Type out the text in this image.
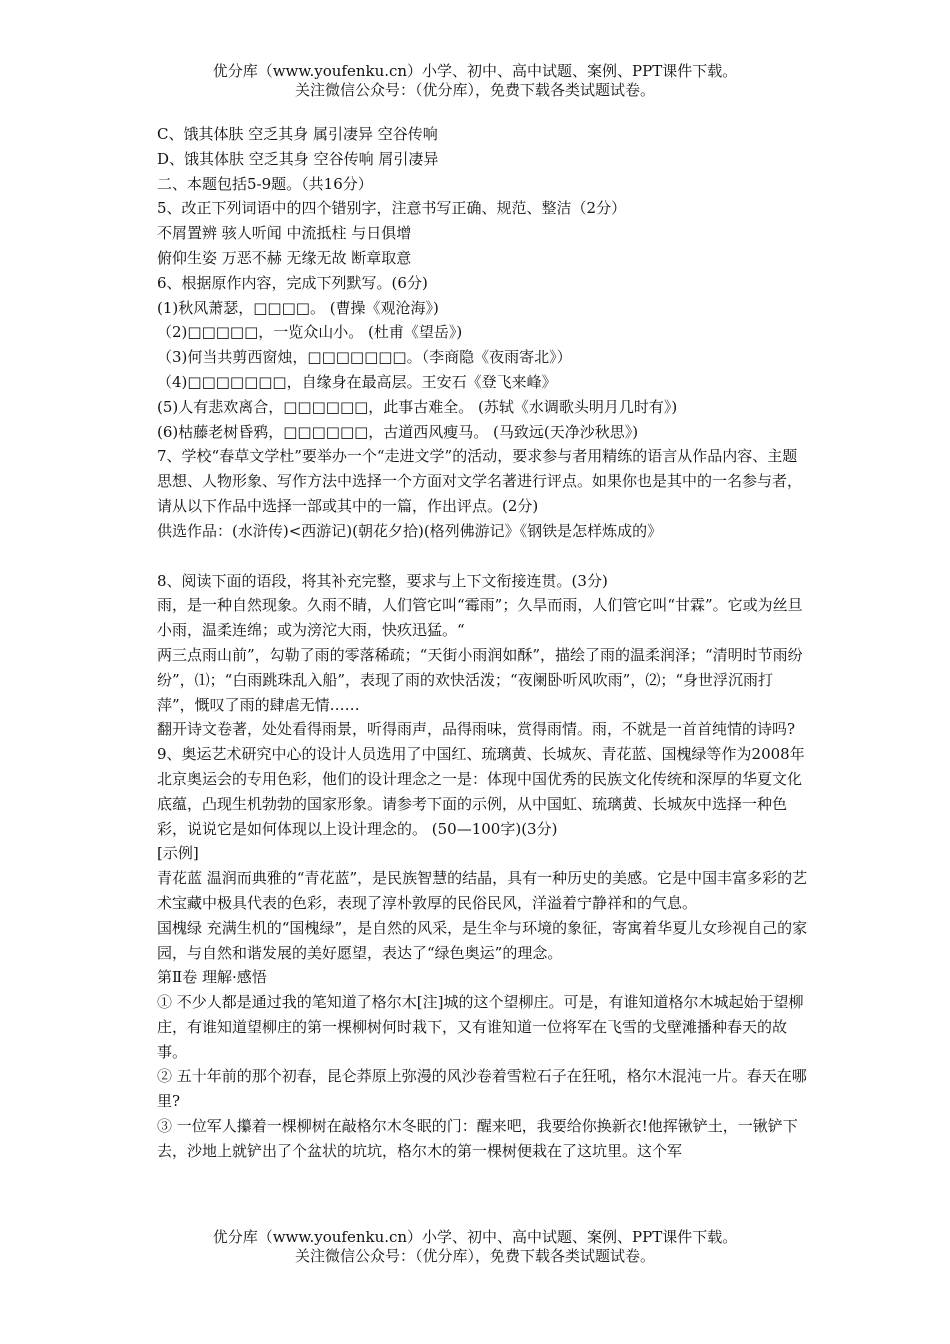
优分库（www.youfenku.cn）小学、初中、高中试题、案例、PPT课件下载。
关注微信公众号：（优分库），免费下载各类试题试卷。

C、饿其体肤 空乏其身 属引凄异 空谷传响

D、饿其体肤 空乏其身 空谷传响 屑引凄异

二、本题包括5-9题。（共16分）

5、改正下列词语中的四个错别字，注意书写正确、规范、整洁（2分）

不屑置辨 骇人听闻 中流抵柱 与日俱增

俯仰生姿 万恶不赫 无缘无故 断章取意

6、根据原作内容，完成下列默写。(6分)

(1)秋风萧瑟，□□□□。 (曹操《观沧海》)

（2)□□□□□，一览众山小。 (杜甫《望岳》)

（3)何当共剪西窗烛，□□□□□□□。（李商隐《夜雨寄北》）

（4)□□□□□□□，自缘身在最高层。王安石《登飞来峰》

(5)人有悲欢离合，□□□□□□，此事古难全。 (苏轼《水调歌头明月几时有》)

(6)枯藤老树昏鸦，□□□□□□，古道西风瘦马。 (马致远(天净沙秋思》)

7、学校“春草文学杜”要举办一个“走进文学”的活动，要求参与者用精练的语言从作品内容、主题思想、人物形象、写作方法中选择一个方面对文学名著进行评点。如果你也是其中的一名参与者，请从以下作品中选择一部或其中的一篇，作出评点。(2分)

供选作品：(水浒传)<西游记)(朝花夕拾)(格列佛游记》《钢铁是怎样炼成的》

8、阅读下面的语段，将其补充完整，要求与上下文衔接连贯。(3分)

雨，是一种自然现象。久雨不睛，人们管它叫“霉雨”；久旱而雨，人们管它叫“甘霖”。它或为丝旦小雨，温柔连绵；或为滂沱大雨，快疚迅猛。“

两三点雨山前”，勾勒了雨的零落稀疏；“天街小雨润如酥”，描绘了雨的温柔润泽；“清明时节雨纷纷”，⑴；“白雨跳珠乱入船”，表现了雨的欢快活泼；“夜阑卧听风吹雨”，⑵；“身世浮沉雨打萍”，慨叹了雨的肆虐无情……

翻开诗文卷著，处处看得雨景，听得雨声，品得雨味，赏得雨情。雨，不就是一首首纯情的诗吗?

9、奥运艺术研究中心的设计人员选用了中国红、琉璃黄、长城灰、青花蓝、国槐绿等作为2008年北京奥运会的专用色彩，他们的设计理念之一是：体现中国优秀的民族文化传统和深厚的华夏文化底蕴，凸现生机勃勃的国家形象。请参考下面的示例，从中国虹、琉璃黄、长城灰中选择一种色彩，说说它是如何体现以上设计理念的。 (50—100字)(3分)

[示例]

青花蓝 温润而典雅的“青花蓝”，是民族智慧的结晶，具有一种历史的美感。它是中国丰富多彩的艺术宝藏中极具代表的色彩，表现了淳朴敦厚的民俗民风，洋溢着宁静祥和的气息。

国槐绿 充满生机的“国槐绿”，是自然的风采，是生伞与环境的象征，寄寓着华夏儿女珍视自己的家园，与自然和谐发展的美好愿望，表达了“绿色奥运”的理念。

第Ⅱ卷 理解·感悟

① 不少人都是通过我的笔知道了格尔木[注]城的这个望柳庄。可是，有谁知道格尔木城起始于望柳庄，有谁知道望柳庄的第一棵柳树何时栽下，又有谁知道一位将军在飞雪的戈壁滩播种春天的故事。

② 五十年前的那个初春，昆仑莽原上弥漫的风沙卷着雪粒石子在狂吼，格尔木混沌一片。春天在哪里?

③ 一位军人攥着一棵柳树在敲格尔木冬眠的门：醒来吧，我要给你换新衣!他挥锹铲土，一锹铲下去，沙地上就铲出了个盆状的坑坑，格尔木的第一棵树便栽在了这坑里。这个军

优分库（www.youfenku.cn）小学、初中、高中试题、案例、PPT课件下载。
关注微信公众号：（优分库），免费下载各类试题试卷。
